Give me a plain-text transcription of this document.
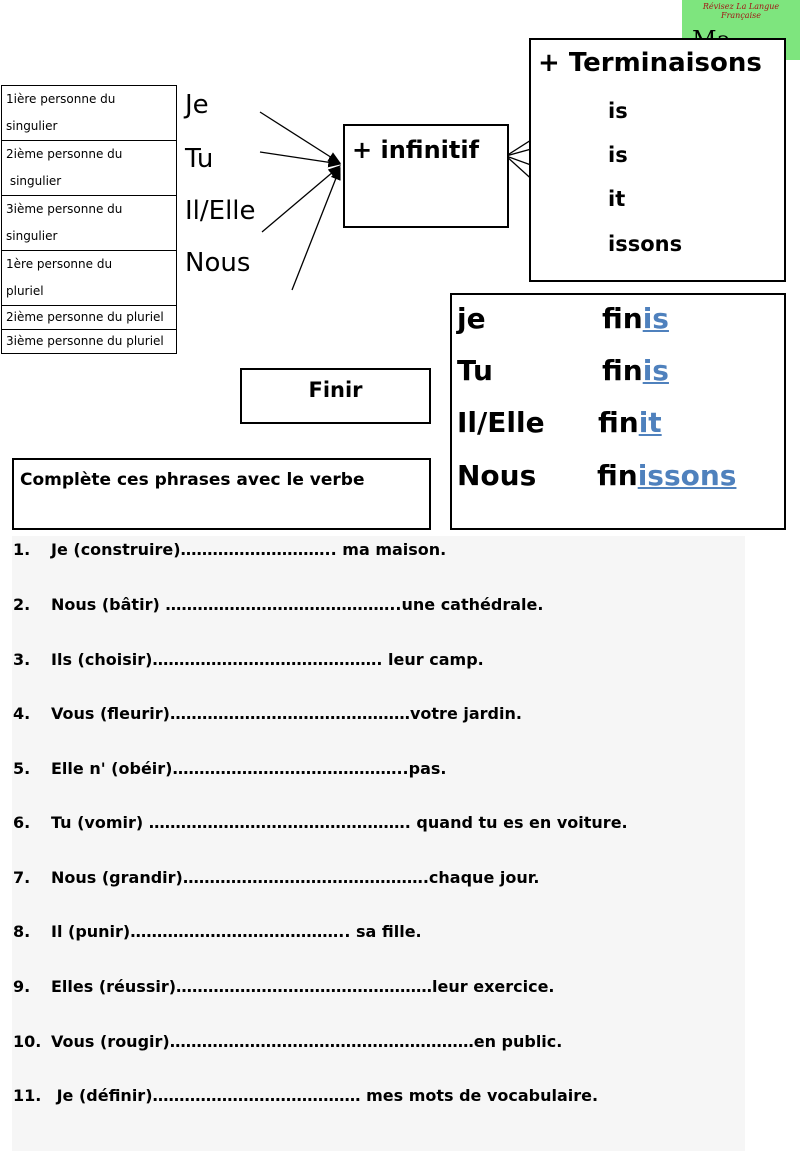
Révisez La Langue Française
1ière personne du
singulier

2ième personne du
singulier

3ième personne du
singulier

1ère personne du
pluriel

2ième personne du pluriel

3ième personne du pluriel
Je
Tu
Il/Elle
Nous
+ infinitif
+ Terminaisons
is
is
it
issons
Finir
je	finis
Tu	finis
Il/Elle finit
Nous finissons
Complète ces phrases avec le verbe
1. Je (construire)……………………….. ma maison.
2. Nous (bâtir) ……………………………………..une cathédrale.
3. Ils (choisir)……………………………………. leur camp.
4. Vous (fleurir)………………………………………votre jardin.
5. Elle n' (obéir)……………………………………..pas.
6. Tu (vomir) …………………………………………. quand tu es en voiture.
7. Nous (grandir)……………………………………….chaque jour.
8. Il (punir)………………………………….. sa fille.
9. Elles (réussir)…………………………………………leur exercice.
10. Vous (rougir)…………………………………………………en public.
11. Je (définir)………………………………… mes mots de vocabulaire.
